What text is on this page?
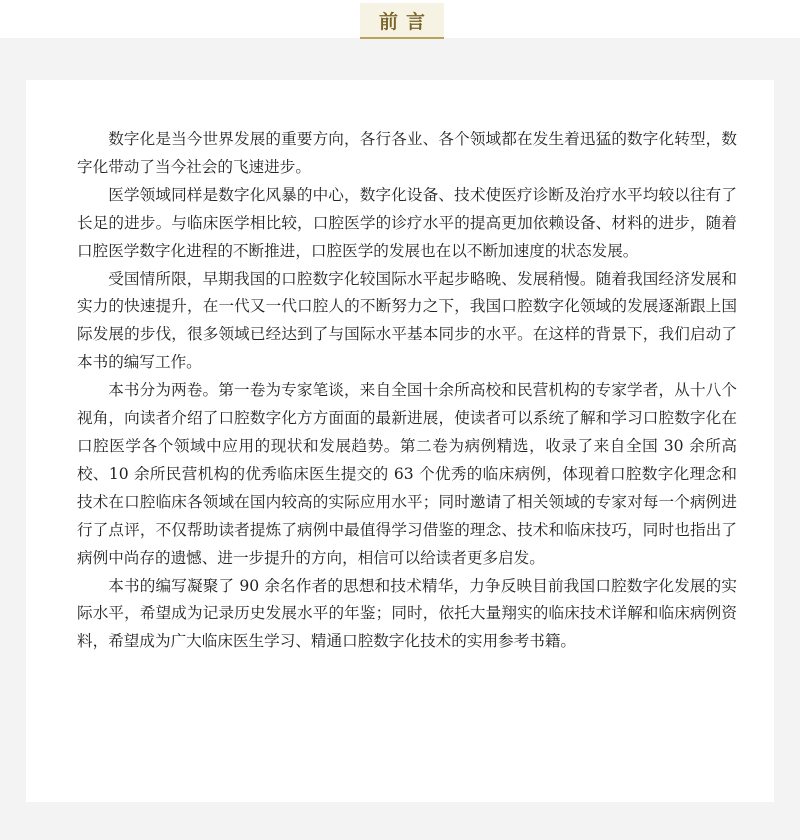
前言

数字化是当今世界发展的重要方向，各行各业、各个领域都在发生着迅猛的数字化转型，数字化带动了当今社会的飞速进步。

医学领域同样是数字化风暴的中心，数字化设备、技术使医疗诊断及治疗水平均较以往有了长足的进步。与临床医学相比较，口腔医学的诊疗水平的提高更加依赖设备、材料的进步，随着口腔医学数字化进程的不断推进，口腔医学的发展也在以不断加速度的状态发展。

受国情所限，早期我国的口腔数字化较国际水平起步略晚、发展稍慢。随着我国经济发展和实力的快速提升，在一代又一代口腔人的不断努力之下，我国口腔数字化领域的发展逐渐跟上国际发展的步伐，很多领域已经达到了与国际水平基本同步的水平。在这样的背景下，我们启动了本书的编写工作。

本书分为两卷。第一卷为专家笔谈，来自全国十余所高校和民营机构的专家学者，从十八个视角，向读者介绍了口腔数字化方方面面的最新进展，使读者可以系统了解和学习口腔数字化在口腔医学各个领域中应用的现状和发展趋势。第二卷为病例精选，收录了来自全国 30 余所高校、10 余所民营机构的优秀临床医生提交的 63 个优秀的临床病例，体现着口腔数字化理念和技术在口腔临床各领域在国内较高的实际应用水平；同时邀请了相关领域的专家对每一个病例进行了点评，不仅帮助读者提炼了病例中最值得学习借鉴的理念、技术和临床技巧，同时也指出了病例中尚存的遗憾、进一步提升的方向，相信可以给读者更多启发。

本书的编写凝聚了 90 余名作者的思想和技术精华，力争反映目前我国口腔数字化发展的实际水平，希望成为记录历史发展水平的年鉴；同时，依托大量翔实的临床技术详解和临床病例资料，希望成为广大临床医生学习、精通口腔数字化技术的实用参考书籍。
